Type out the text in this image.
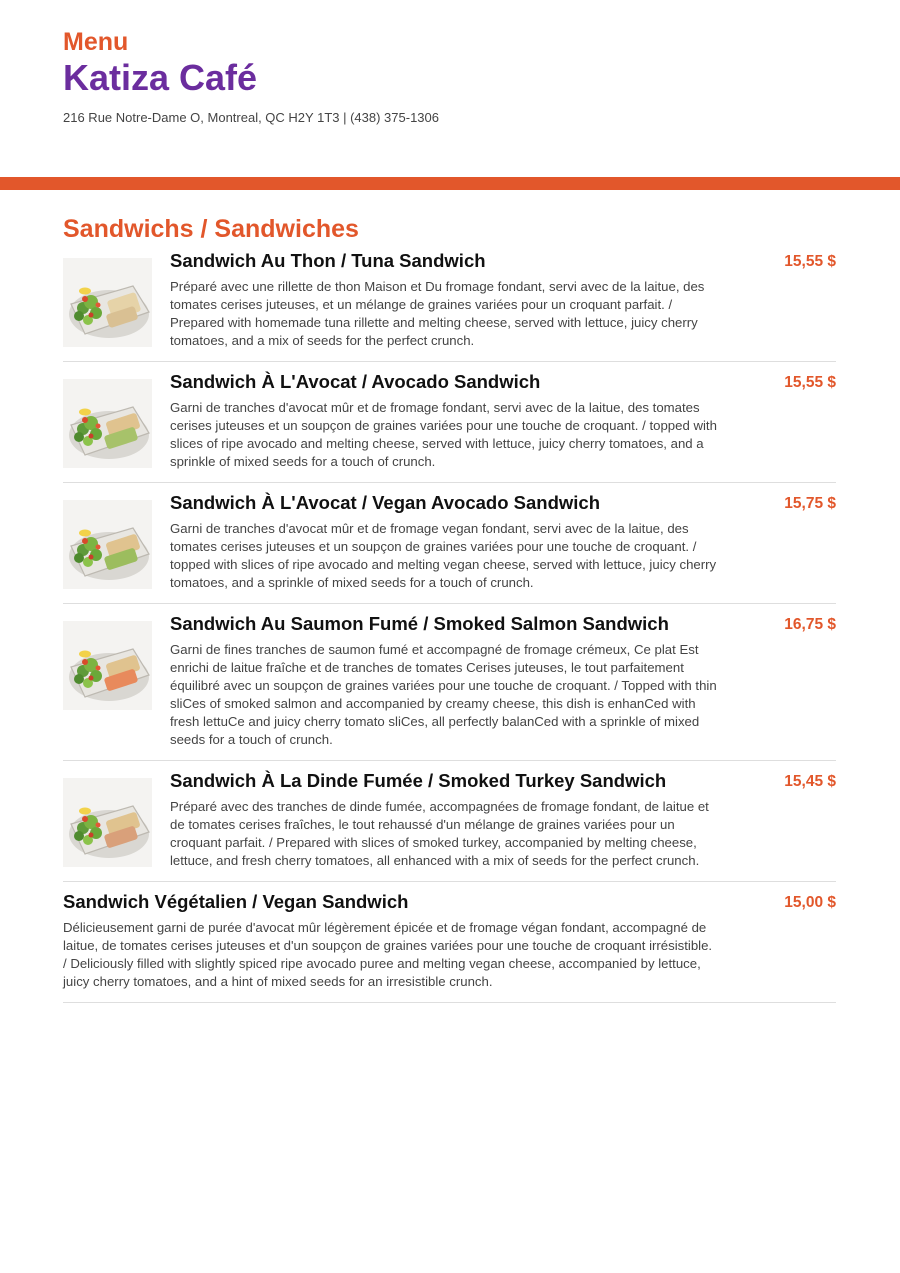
Menu
Katiza Café
216 Rue Notre-Dame O, Montreal, QC H2Y 1T3 | (438) 375-1306
Sandwichs / Sandwiches
Sandwich Au Thon / Tuna Sandwich	15,55 $
Préparé avec une rillette de thon Maison et Du fromage fondant, servi avec de la laitue, des tomates cerises juteuses, et un mélange de graines variées pour un croquant parfait. / Prepared with homemade tuna rillette and melting cheese, served with lettuce, juicy cherry tomatoes, and a mix of seeds for the perfect crunch.
Sandwich À L'Avocat / Avocado Sandwich	15,55 $
Garni de tranches d'avocat mûr et de fromage fondant, servi avec de la laitue, des tomates cerises juteuses et un soupçon de graines variées pour une touche de croquant. / topped with slices of ripe avocado and melting cheese, served with lettuce, juicy cherry tomatoes, and a sprinkle of mixed seeds for a touch of crunch.
Sandwich À L'Avocat / Vegan Avocado Sandwich	15,75 $
Garni de tranches d'avocat mûr et de fromage vegan fondant, servi avec de la laitue, des tomates cerises juteuses et un soupçon de graines variées pour une touche de croquant. / topped with slices of ripe avocado and melting vegan cheese, served with lettuce, juicy cherry tomatoes, and a sprinkle of mixed seeds for a touch of crunch.
Sandwich Au Saumon Fumé / Smoked Salmon Sandwich	16,75 $
Garni de fines tranches de saumon fumé et accompagné de fromage crémeux, Ce plat Est enrichi de laitue fraîche et de tranches de tomates Cerises juteuses, le tout parfaitement équilibré avec un soupçon de graines variées pour une touche de croquant. / Topped with thin sliCes of smoked salmon and accompanied by creamy cheese, this dish is enhanCed with fresh lettuCe and juicy cherry tomato sliCes, all perfectly balanCed with a sprinkle of mixed seeds for a touch of crunch.
Sandwich À La Dinde Fumée / Smoked Turkey Sandwich	15,45 $
Préparé avec des tranches de dinde fumée, accompagnées de fromage fondant, de laitue et de tomates cerises fraîches, le tout rehaussé d'un mélange de graines variées pour un croquant parfait. / Prepared with slices of smoked turkey, accompanied by melting cheese, lettuce, and fresh cherry tomatoes, all enhanced with a mix of seeds for the perfect crunch.
Sandwich Végétalien / Vegan Sandwich	15,00 $
Délicieusement garni de purée d'avocat mûr légèrement épicée et de fromage végan fondant, accompagné de laitue, de tomates cerises juteuses et d'un soupçon de graines variées pour une touche de croquant irrésistible. / Deliciously filled with slightly spiced ripe avocado puree and melting vegan cheese, accompanied by lettuce, juicy cherry tomatoes, and a hint of mixed seeds for an irresistible crunch.
